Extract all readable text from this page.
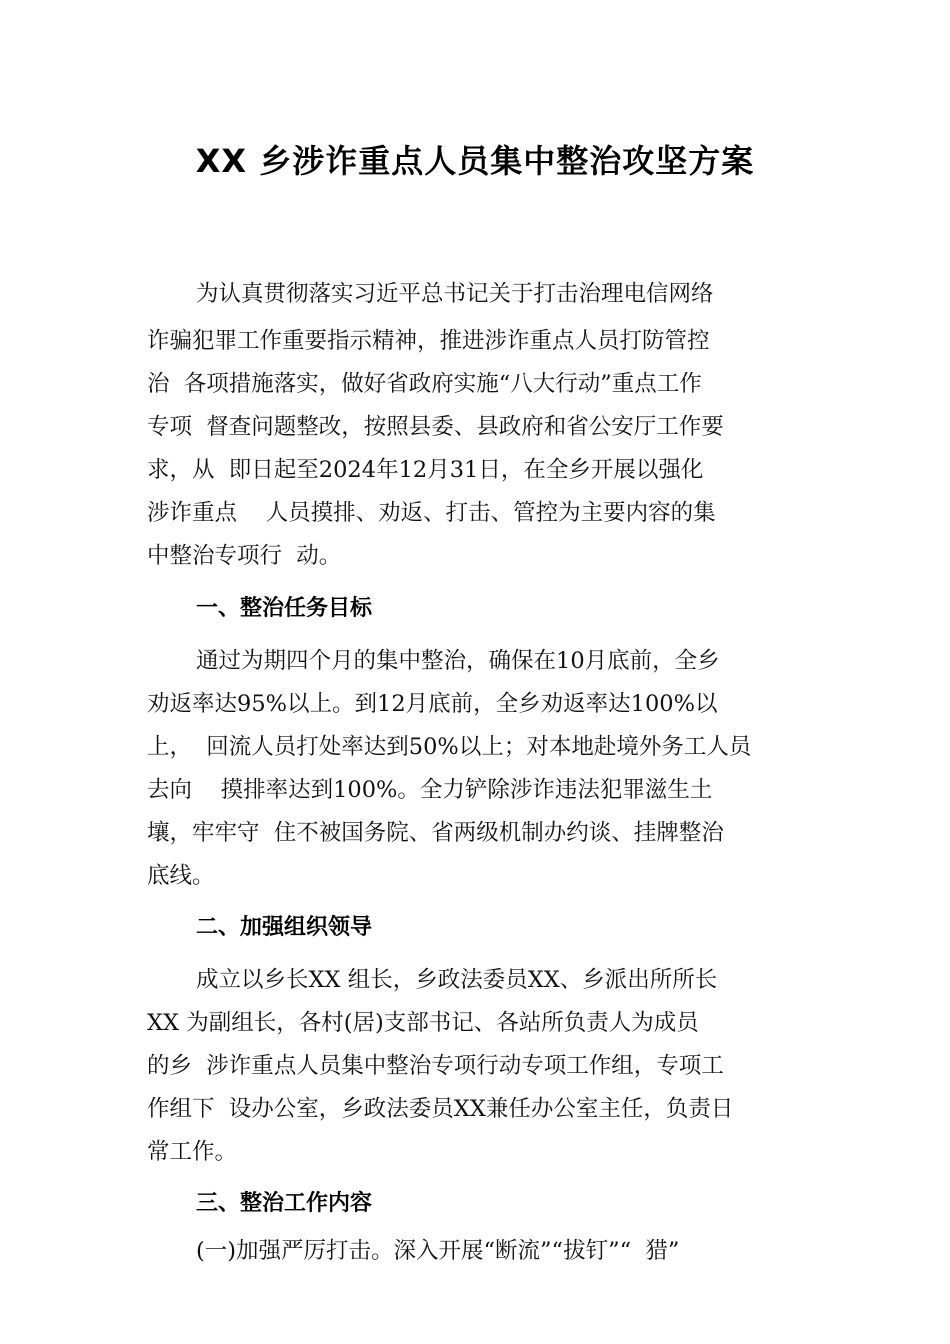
XX 乡涉诈重点人员集中整治攻坚方案
为认真贯彻落实习近平总书记关于打击治理电信网络
诈骗犯罪工作重要指示精神，推进涉诈重点人员打防管控
治  各项措施落实，做好省政府实施“八大行动”重点工作
专项  督查问题整改，按照县委、县政府和省公安厅工作要
求，从  即日起至2024年12月31日，在全乡开展以强化
涉诈重点    人员摸排、劝返、打击、管控为主要内容的集
中整治专项行  动。
一、整治任务目标
通过为期四个月的集中整治，确保在10月底前，全乡
劝返率达95%以上。到12月底前，全乡劝返率达100%以
上，  回流人员打处率达到50%以上；对本地赴境外务工人员
去向    摸排率达到100%。全力铲除涉诈违法犯罪滋生土
壤，牢牢守  住不被国务院、省两级机制办约谈、挂牌整治
底线。
二、加强组织领导
成立以乡长XX 组长，乡政法委员XX、乡派出所所长
XX 为副组长，各村(居)支部书记、各站所负责人为成员
的乡  涉诈重点人员集中整治专项行动专项工作组，专项工
作组下  设办公室，乡政法委员XX兼任办公室主任，负责日
常工作。
三、整治工作内容
(一)加强严厉打击。深入开展“断流”“拔钉”“  猎”
